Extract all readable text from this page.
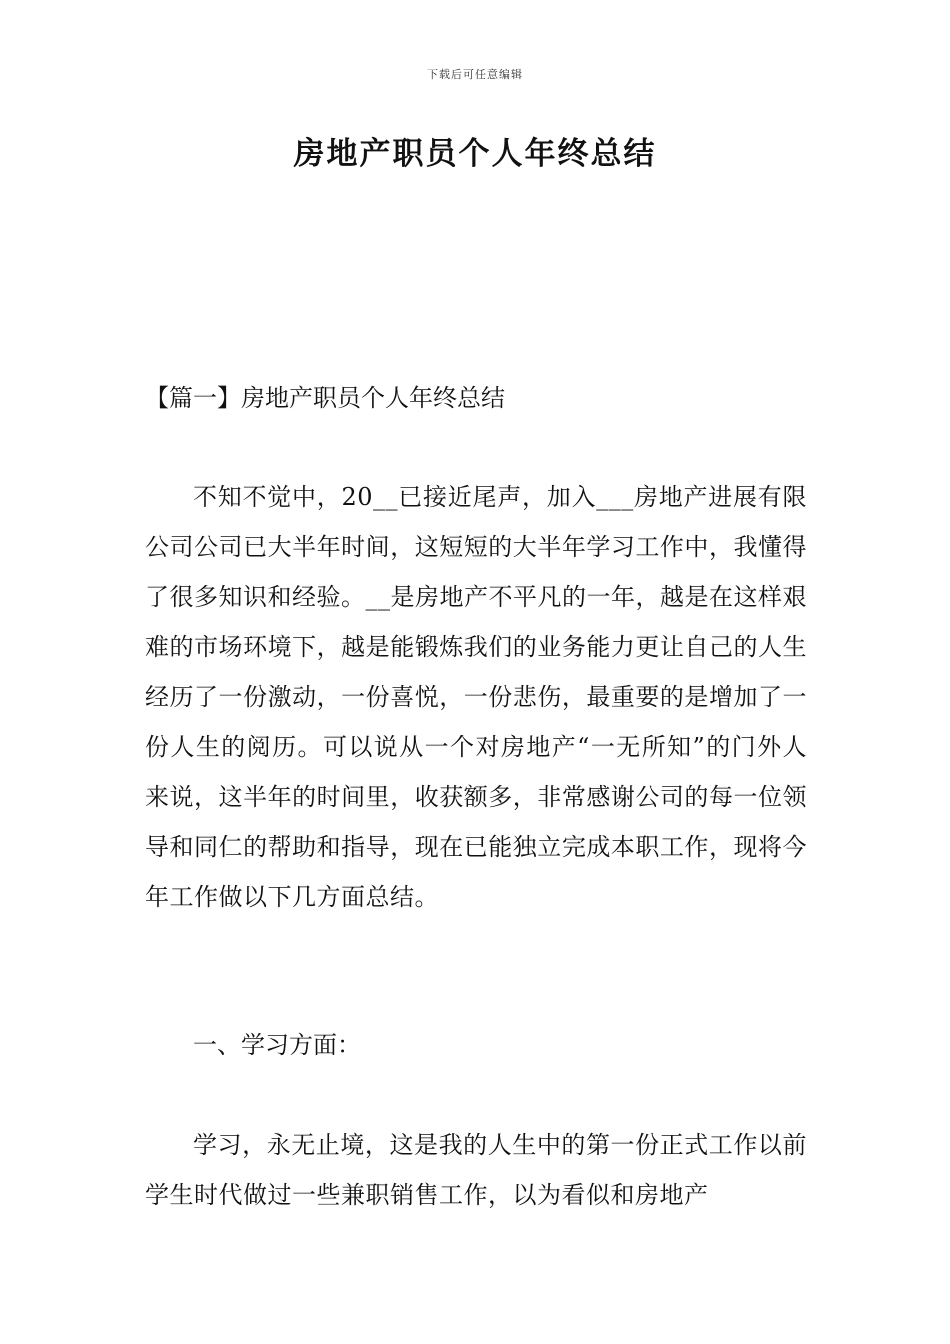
下载后可任意编辑
房地产职员个人年终总结
【篇一】房地产职员个人年终总结
不知不觉中，20__已接近尾声，加入___房地产进展有限公司公司已大半年时间，这短短的大半年学习工作中，我懂得了很多知识和经验。__是房地产不平凡的一年，越是在这样艰难的市场环境下，越是能锻炼我们的业务能力更让自己的人生经历了一份激动，一份喜悦，一份悲伤，最重要的是增加了一份人生的阅历。可以说从一个对房地产“一无所知”的门外人来说，这半年的时间里，收获额多，非常感谢公司的每一位领导和同仁的帮助和指导，现在已能独立完成本职工作，现将今年工作做以下几方面总结。
一、学习方面：
学习，永无止境，这是我的人生中的第一份正式工作以前学生时代做过一些兼职销售工作，以为看似和房地产
